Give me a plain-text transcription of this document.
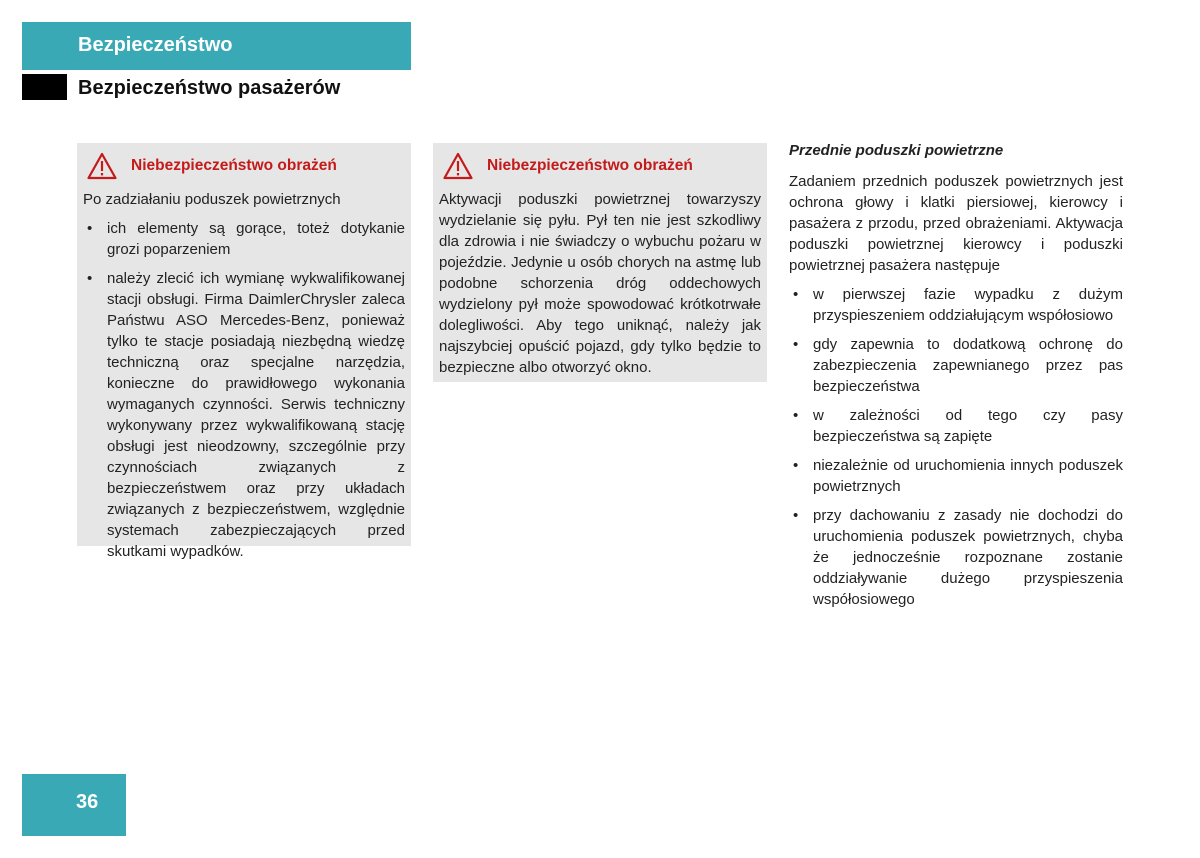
Bezpieczeństwo
Bezpieczeństwo pasażerów
Niebezpieczeństwo obrażeń

Po zadziałaniu poduszek powietrznych

• ich elementy są gorące, toteż dotykanie grozi poparzeniem
• należy zlecić ich wymianę wykwalifikowanej stacji obsługi. Firma DaimlerChrysler zaleca Państwu ASO Mercedes-Benz, ponieważ tylko te stacje posiadają niezbędną wiedzę techniczną oraz specjalne narzędzia, konieczne do prawidłowego wykonania wymaganych czynności. Serwis techniczny wykonywany przez wykwalifikowaną stację obsługi jest nieodzowny, szczególnie przy czynnościach związanych z bezpieczeństwem oraz przy układach związanych z bezpieczeństwem, względnie systemach zabezpieczających przed skutkami wypadków.
Niebezpieczeństwo obrażeń

Aktywacji poduszki powietrznej towarzyszy wydzielanie się pyłu. Pył ten nie jest szkodliwy dla zdrowia i nie świadczy o wybuchu pożaru w pojeździe. Jedynie u osób chorych na astmę lub podobne schorzenia dróg oddechowych wydzielony pył może spowodować krótkotrwałe dolegliwości. Aby tego uniknąć, należy jak najszybciej opuścić pojazd, gdy tylko będzie to bezpieczne albo otworzyć okno.

Przednie poduszki powietrzne

Zadaniem przednich poduszek powietrznych jest ochrona głowy i klatki piersiowej, kierowcy i pasażera z przodu, przed obrażeniami. Aktywacja poduszki powietrznej kierowcy i poduszki powietrznej pasażera następuje

• w pierwszej fazie wypadku z dużym przyspieszeniem oddziałującym współosiowo
• gdy zapewnia to dodatkową ochronę do zabezpieczenia zapewnianego przez pas bezpieczeństwa
• w zależności od tego czy pasy bezpieczeństwa są zapięte
• niezależnie od uruchomienia innych poduszek powietrznych
• przy dachowaniu z zasady nie dochodzi do uruchomienia poduszek powietrznych, chyba że jednocześnie rozpoznane zostanie oddziaływanie dużego przyspieszenia współosiowego
36
